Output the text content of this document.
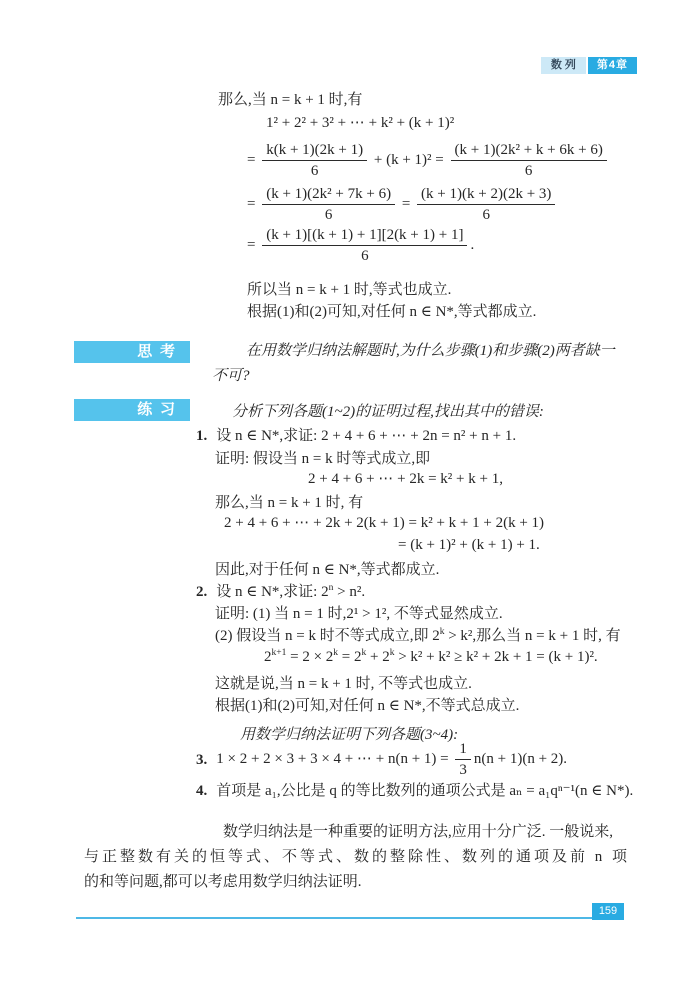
数 列	第4章
那么,当 n = k + 1 时,有
1² + 2² + 3² + ⋯ + k² + (k + 1)²
= $\frac{k(k + 1)(2k + 1)}{6} + (k + 1)^2 = \frac{\text{(k + 1)(2k² + k + 6k + 6)}}{6}$
= $\frac{\text{(k + 1)(2k² + 7k + 6)}}{6} = \frac{(k + 1)(k + 2)(2k + 3)}{6}$
= $\frac{(k + 1)[(k + 1) + 1][2(k + 1) + 1]}{6}$ .
所以当 n = k + 1 时,等式也成立.
根据(1)和(2)可知,对任何 n ∈ N*,等式都成立.
思 考	在用数学归纳法解题时,为什么步骤(1)和步骤(2)两者缺一
不可?
练 习	分析下列各题(1~2)的证明过程,找出其中的错误:
1. 设 n ∈ N*,求证: 2 + 4 + 6 + ⋯ + 2n = n² + n + 1.
证明: 假设当 n = k 时等式成立,即
2 + 4 + 6 + ⋯ + 2k = k² + k + 1,
那么,当 n = k + 1 时, 有
2 + 4 + 6 + ⋯ + 2k + 2(k + 1) = k² + k + 1 + 2(k + 1)
= (k + 1)² + (k + 1) + 1.
因此,对于任何 n ∈ N*,等式都成立.
2. 设 n ∈ N*,求证: $2^n > n^2$.
证明: (1) 当 n = 1 时,2¹ > 1², 不等式显然成立.
(2) 假设当 n = k 时不等式成立,即 $2^k > k^2$,那么当 n = k + 1 时, 有
$2^{k+1} = 2 \times 2^k = 2^k + 2^k > k^2 + k^2 \ge k^2 + 2k + 1 = (k + 1)^2$.
这就是说,当 n = k + 1 时, 不等式也成立.
根据(1)和(2)可知,对任何 n ∈ N*,不等式总成立.
用数学归纳法证明下列各题(3~4):
3. 1 × 2 + 2 × 3 + 3 × 4 + ⋯ + $n(n + 1) = \frac{1}{3} n(n + 1)(n + 2)$.
4. 首项是 a₁,公比是 q 的等比数列的通项公式是 aₙ = a₁qⁿ⁻¹(n ∈ N*).
数学归纳法是一种重要的证明方法,应用十分广泛. 一般说来,
与正整数有关的恒等式、不等式、数的整除性、数列的通项及前 n 项
的和等问题,都可以考虑用数学归纳法证明.
159
